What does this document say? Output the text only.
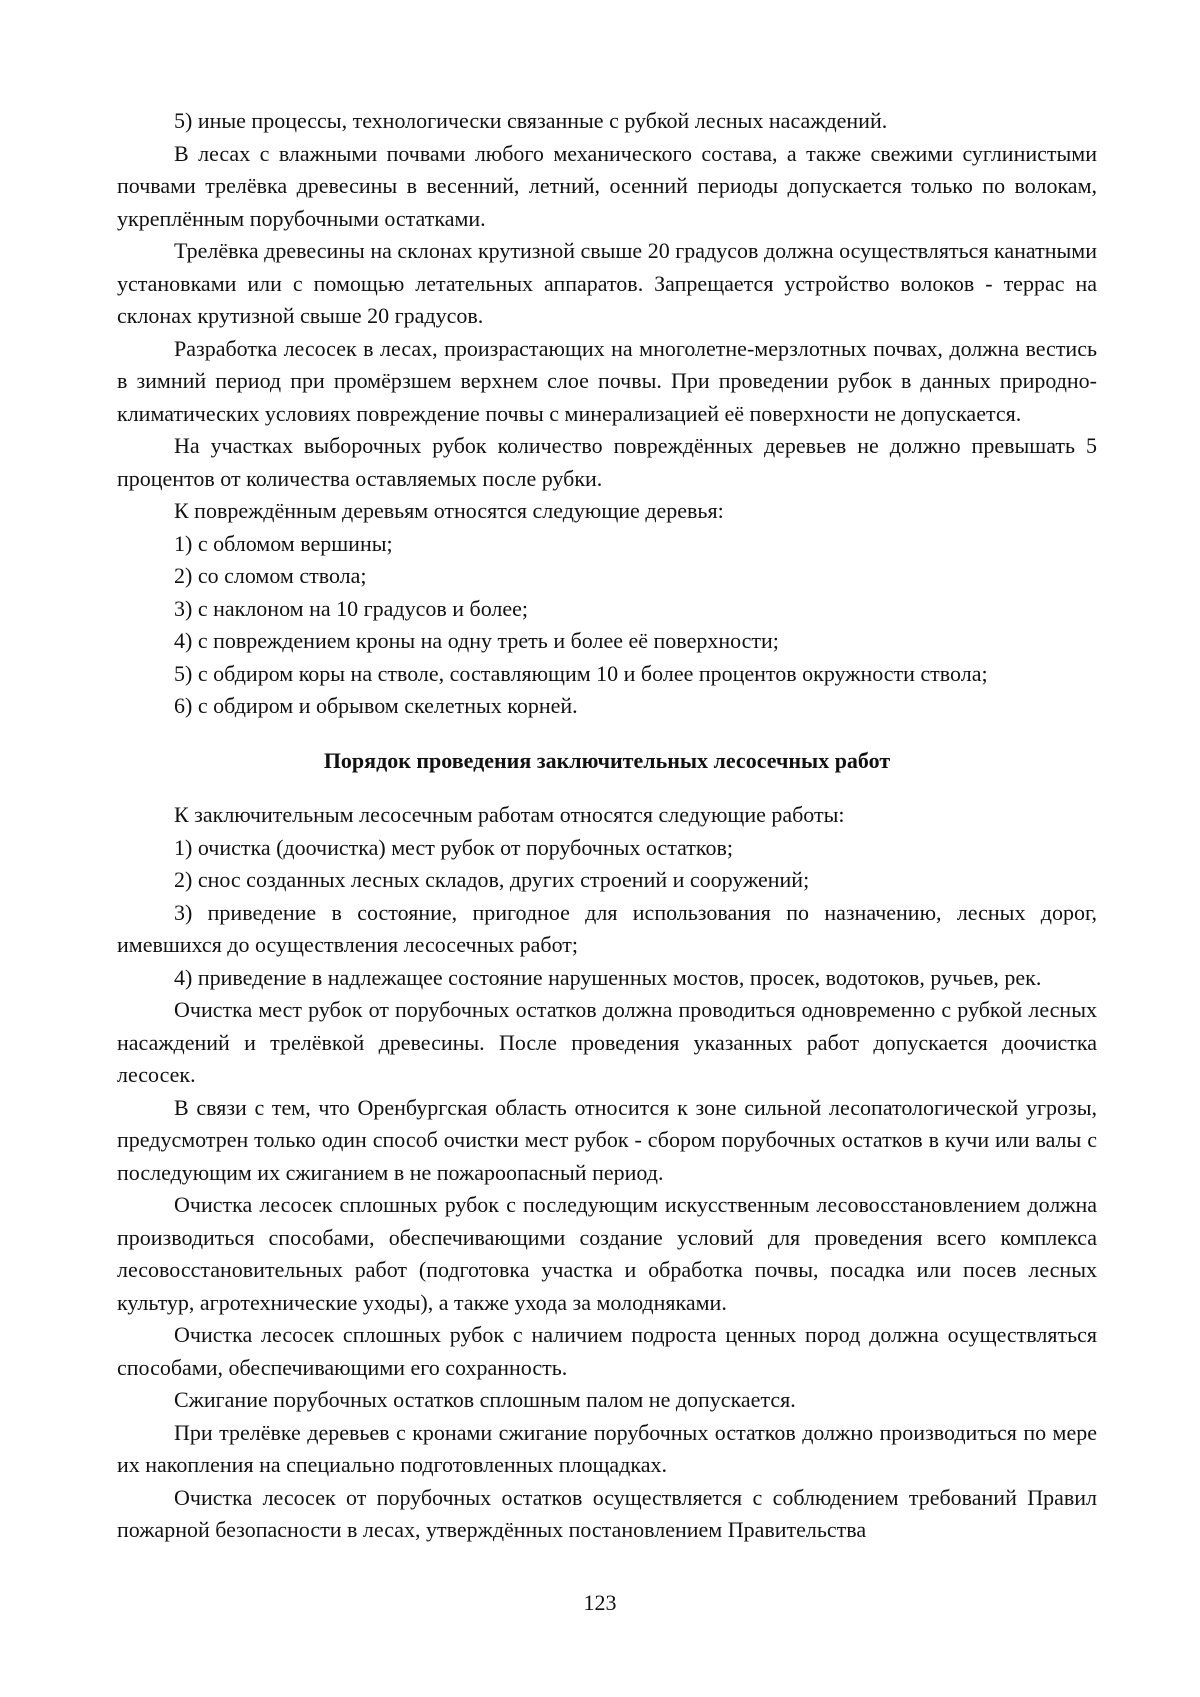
5) иные процессы, технологически связанные с рубкой лесных насаждений.

В лесах с влажными почвами любого механического состава, а также свежими суглинистыми почвами трелёвка древесины в весенний, летний, осенний периоды допускается только по волокам, укреплённым порубочными остатками.

Трелёвка древесины на склонах крутизной свыше 20 градусов должна осуществляться канатными установками или с помощью летательных аппаратов. Запрещается устройство волоков - террас на склонах крутизной свыше 20 градусов.

Разработка лесосек в лесах, произрастающих на многолетне-мерзлотных почвах, должна вестись в зимний период при промёрзшем верхнем слое почвы. При проведении рубок в данных природно-климатических условиях повреждение почвы с минерализацией её поверхности не допускается.

На участках выборочных рубок количество повреждённых деревьев не должно превышать 5 процентов от количества оставляемых после рубки.

К повреждённым деревьям относятся следующие деревья:

1) с обломом вершины;

2) со сломом ствола;

3) с наклоном на 10 градусов и более;

4) с повреждением кроны на одну треть и более её поверхности;

5) с обдиром коры на стволе, составляющим 10 и более процентов окружности ствола;

6) с обдиром и обрывом скелетных корней.

Порядок проведения заключительных лесосечных работ

К заключительным лесосечным работам относятся следующие работы:

1) очистка (доочистка) мест рубок от порубочных остатков;

2) снос созданных лесных складов, других строений и сооружений;

3) приведение в состояние, пригодное для использования по назначению, лесных дорог, имевшихся до осуществления лесосечных работ;

4) приведение в надлежащее состояние нарушенных мостов, просек, водотоков, ручьев, рек.

Очистка мест рубок от порубочных остатков должна проводиться одновременно с рубкой лесных насаждений и трелёвкой древесины. После проведения указанных работ допускается доочистка лесосек.

В связи с тем, что Оренбургская область относится к зоне сильной лесопатологической угрозы, предусмотрен только один способ очистки мест рубок - сбором порубочных остатков в кучи или валы с последующим их сжиганием в не пожароопасный период.

Очистка лесосек сплошных рубок с последующим искусственным лесовосстановлением должна производиться способами, обеспечивающими создание условий для проведения всего комплекса лесовосстановительных работ (подготовка участка и обработка почвы, посадка или посев лесных культур, агротехнические уходы), а также ухода за молодняками.

Очистка лесосек сплошных рубок с наличием подроста ценных пород должна осуществляться способами, обеспечивающими его сохранность.

Сжигание порубочных остатков сплошным палом не допускается.

При трелёвке деревьев с кронами сжигание порубочных остатков должно производиться по мере их накопления на специально подготовленных площадках.

Очистка лесосек от порубочных остатков осуществляется с соблюдением требований Правил пожарной безопасности в лесах, утверждённых постановлением Правительства

123
